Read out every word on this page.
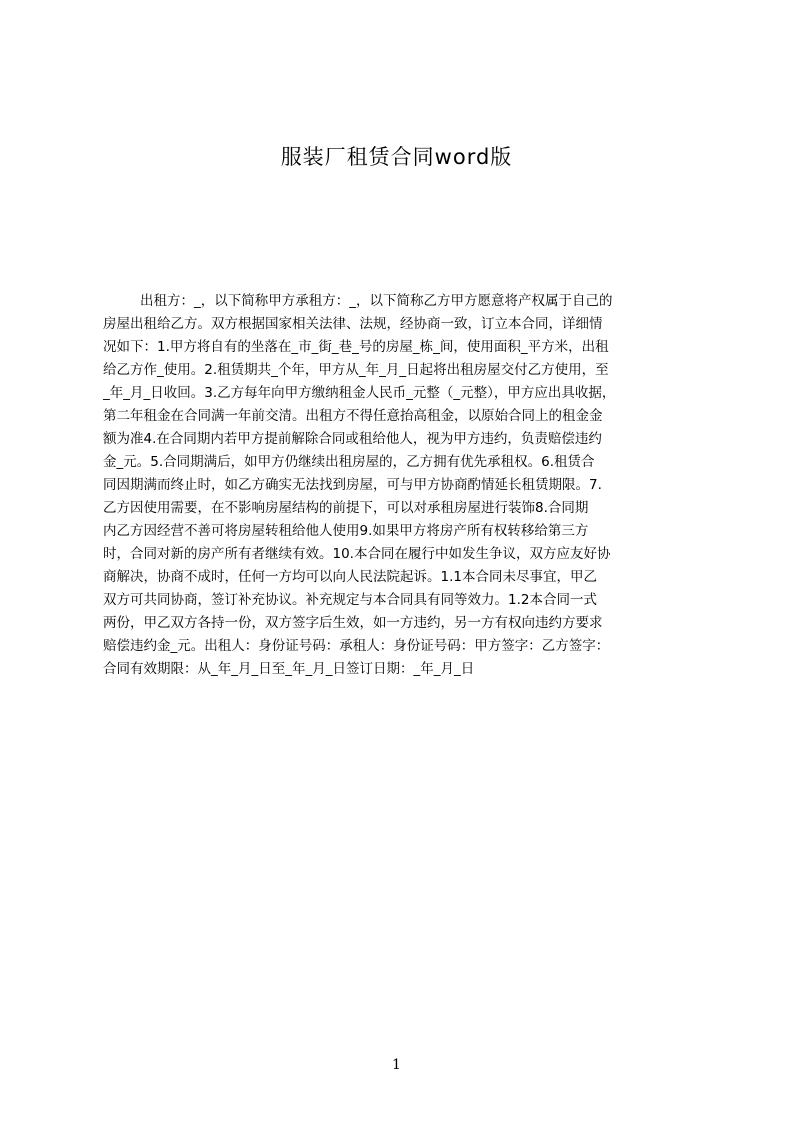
服装厂租赁合同word版
出租方：_，以下简称甲方承租方：_，以下简称乙方甲方愿意将产权属于自己的
房屋出租给乙方。双方根据国家相关法律、法规，经协商一致，订立本合同，详细情
况如下：1.甲方将自有的坐落在_市_街_巷_号的房屋_栋_间，使用面积_平方米，出租
给乙方作_使用。2.租赁期共_个年，甲方从_年_月_日起将出租房屋交付乙方使用，至
_年_月_日收回。3.乙方每年向甲方缴纳租金人民币_元整（_元整），甲方应出具收据，
第二年租金在合同满一年前交清。出租方不得任意抬高租金，以原始合同上的租金金
额为准4.在合同期内若甲方提前解除合同或租给他人，视为甲方违约，负责赔偿违约
金_元。5.合同期满后，如甲方仍继续出租房屋的，乙方拥有优先承租权。6.租赁合
同因期满而终止时，如乙方确实无法找到房屋，可与甲方协商酌情延长租赁期限。7.
乙方因使用需要，在不影响房屋结构的前提下，可以对承租房屋进行装饰8.合同期
内乙方因经营不善可将房屋转租给他人使用9.如果甲方将房产所有权转移给第三方
时，合同对新的房产所有者继续有效。10.本合同在履行中如发生争议，双方应友好协
商解决，协商不成时，任何一方均可以向人民法院起诉。1.1本合同未尽事宜，甲乙
双方可共同协商，签订补充协议。补充规定与本合同具有同等效力。1.2本合同一式
两份，甲乙双方各持一份，双方签字后生效，如一方违约，另一方有权向违约方要求
赔偿违约金_元。出租人：身份证号码：承租人：身份证号码：甲方签字：乙方签字：
合同有效期限：从_年_月_日至_年_月_日签订日期：_年_月_日
1
